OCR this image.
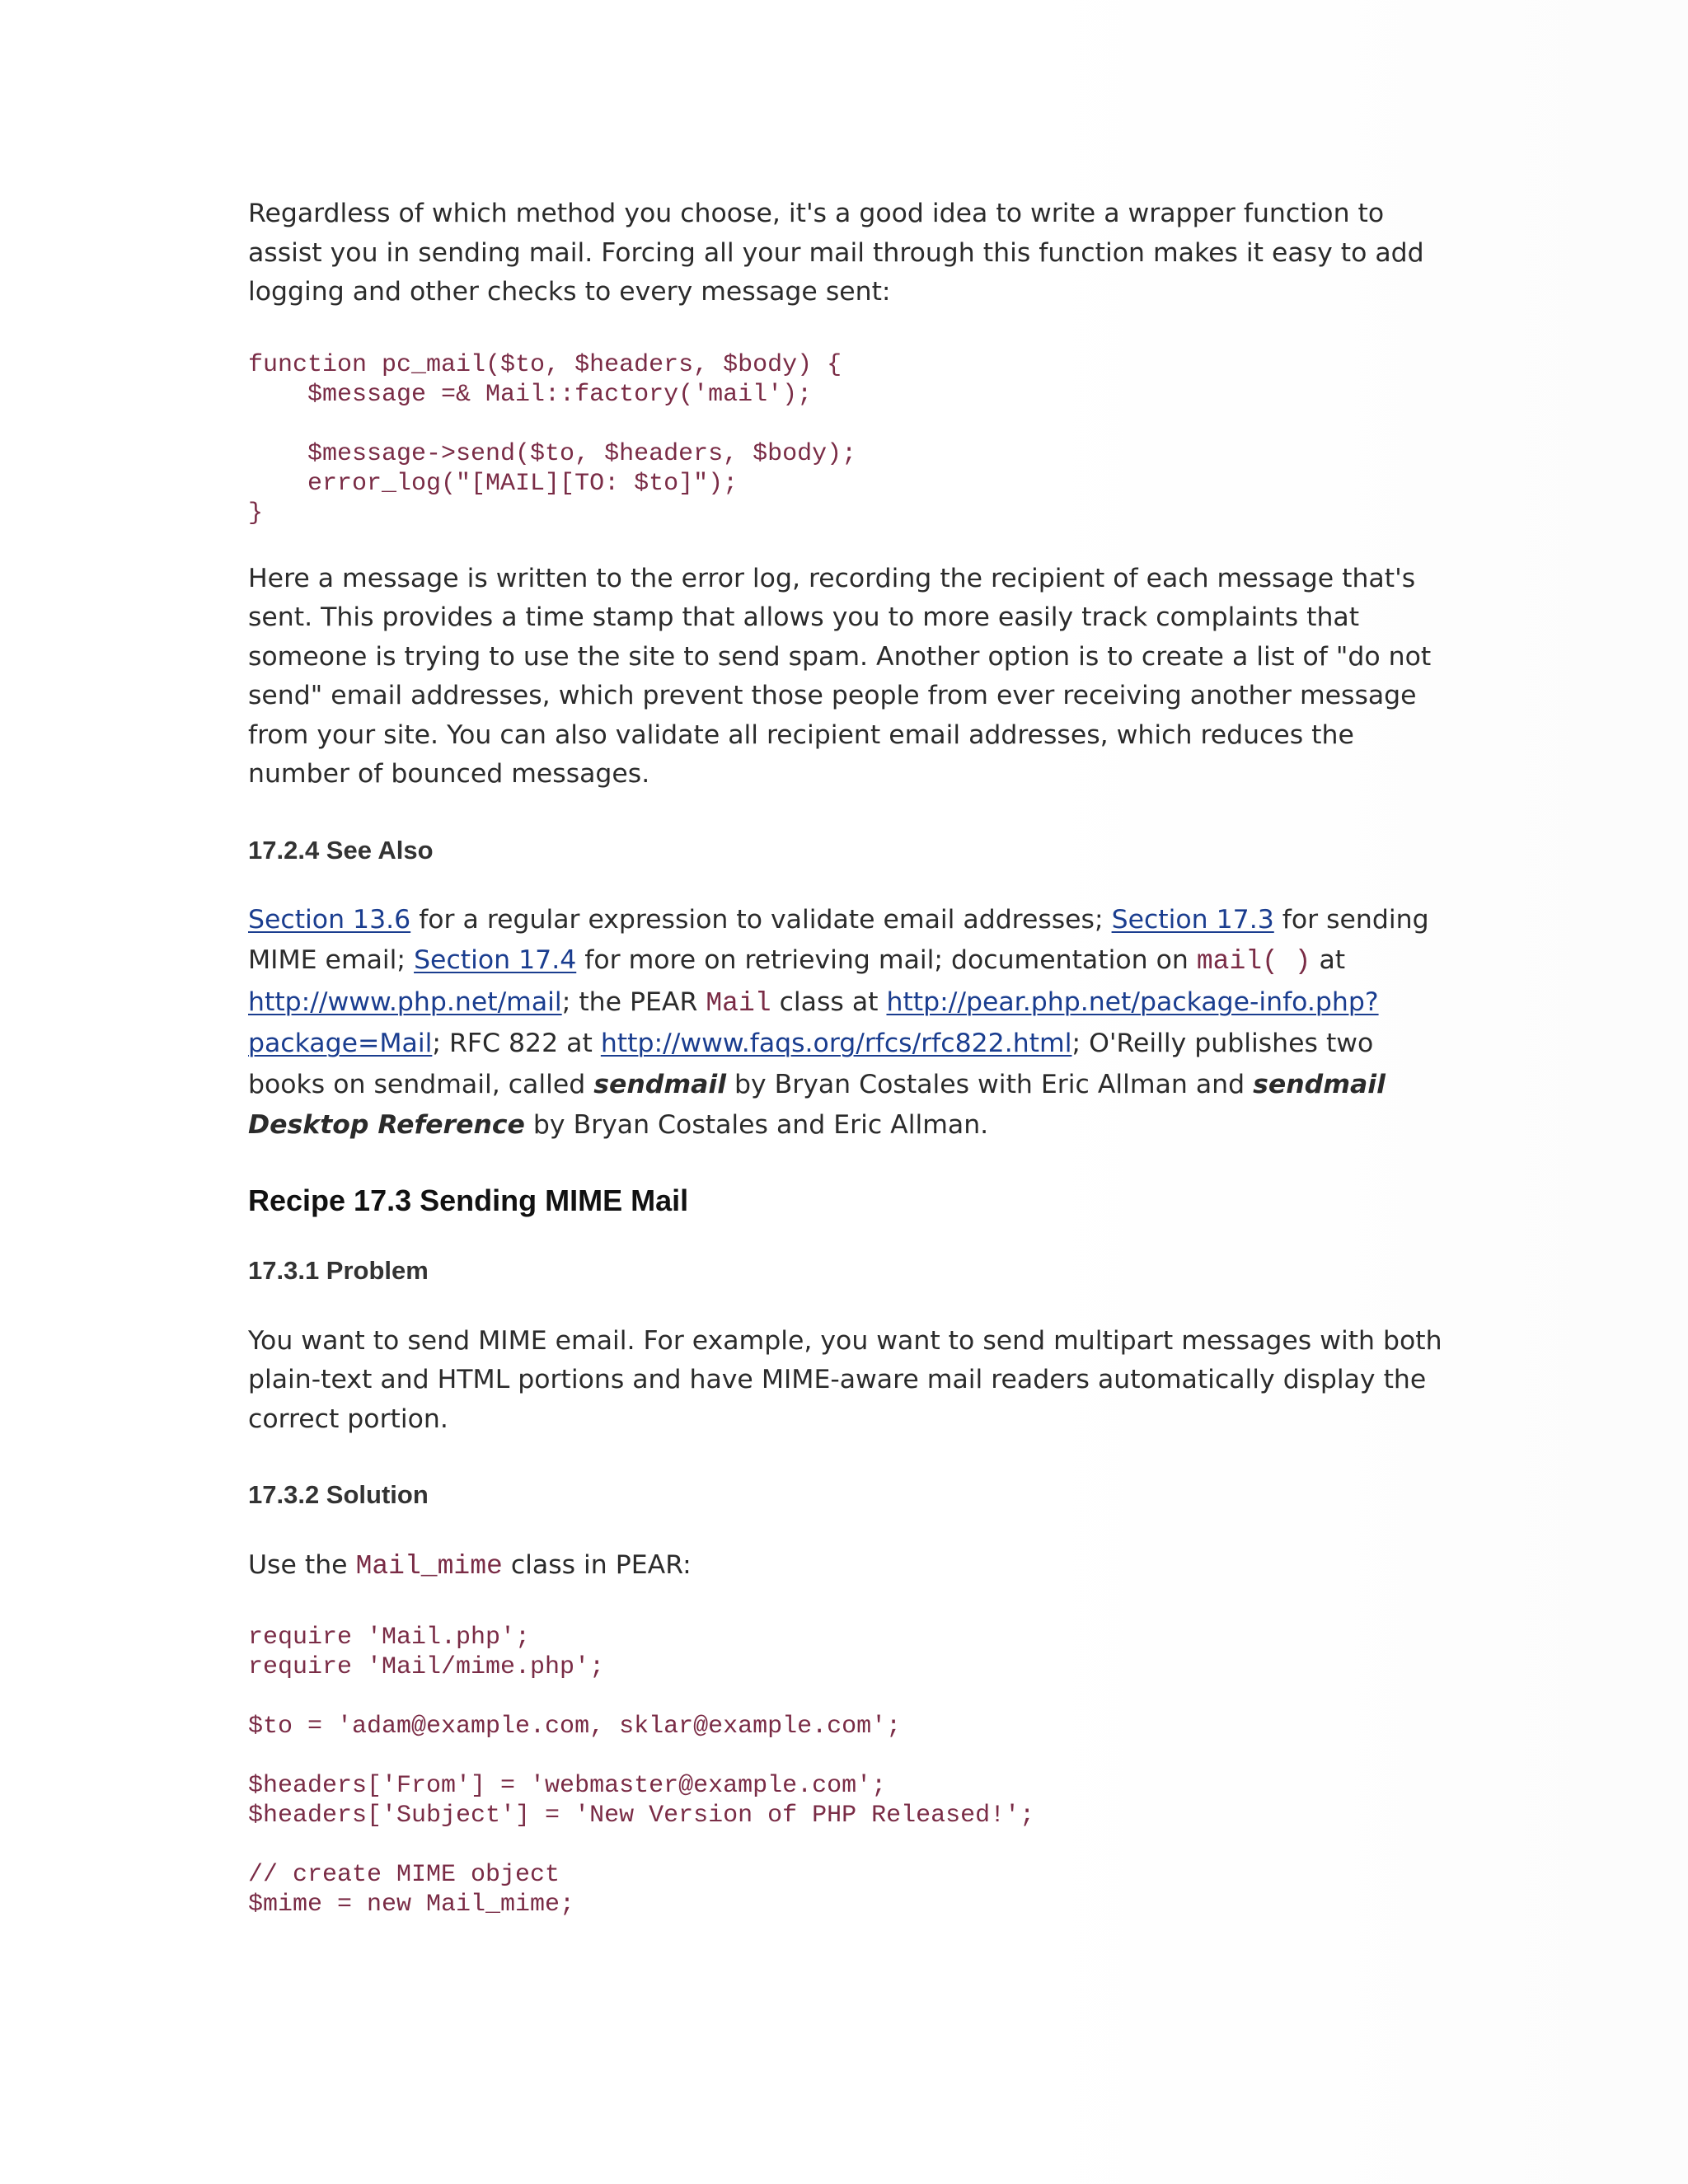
Regardless of which method you choose, it's a good idea to write a wrapper function to assist you in sending mail. Forcing all your mail through this function makes it easy to add logging and other checks to every message sent:

function pc_mail($to, $headers, $body) {
$message =& Mail::factory('mail');

$message->send($to, $headers, $body);
error_log("[MAIL][TO: $to]");
}

Here a message is written to the error log, recording the recipient of each message that's sent. This provides a time stamp that allows you to more easily track complaints that someone is trying to use the site to send spam. Another option is to create a list of "do not send" email addresses, which prevent those people from ever receiving another message from your site. You can also validate all recipient email addresses, which reduces the number of bounced messages.

17.2.4 See Also

Section 13.6 for a regular expression to validate email addresses; Section 17.3 for sending MIME email; Section 17.4 for more on retrieving mail; documentation on mail( ) at http://www.php.net/mail; the PEAR Mail class at http://pear.php.net/package-info.php?package=Mail; RFC 822 at http://www.faqs.org/rfcs/rfc822.html; O'Reilly publishes two books on sendmail, called sendmail by Bryan Costales with Eric Allman and sendmail Desktop Reference by Bryan Costales and Eric Allman.

Recipe 17.3 Sending MIME Mail
17.3.1 Problem

You want to send MIME email. For example, you want to send multipart messages with both plain-text and HTML portions and have MIME-aware mail readers automatically display the correct portion.

17.3.2 Solution

Use the Mail_mime class in PEAR:

require 'Mail.php';
require 'Mail/mime.php';

$to = 'adam@example.com, sklar@example.com';

$headers['From'] = 'webmaster@example.com';
$headers['Subject'] = 'New Version of PHP Released!';

// create MIME object
$mime = new Mail_mime;
